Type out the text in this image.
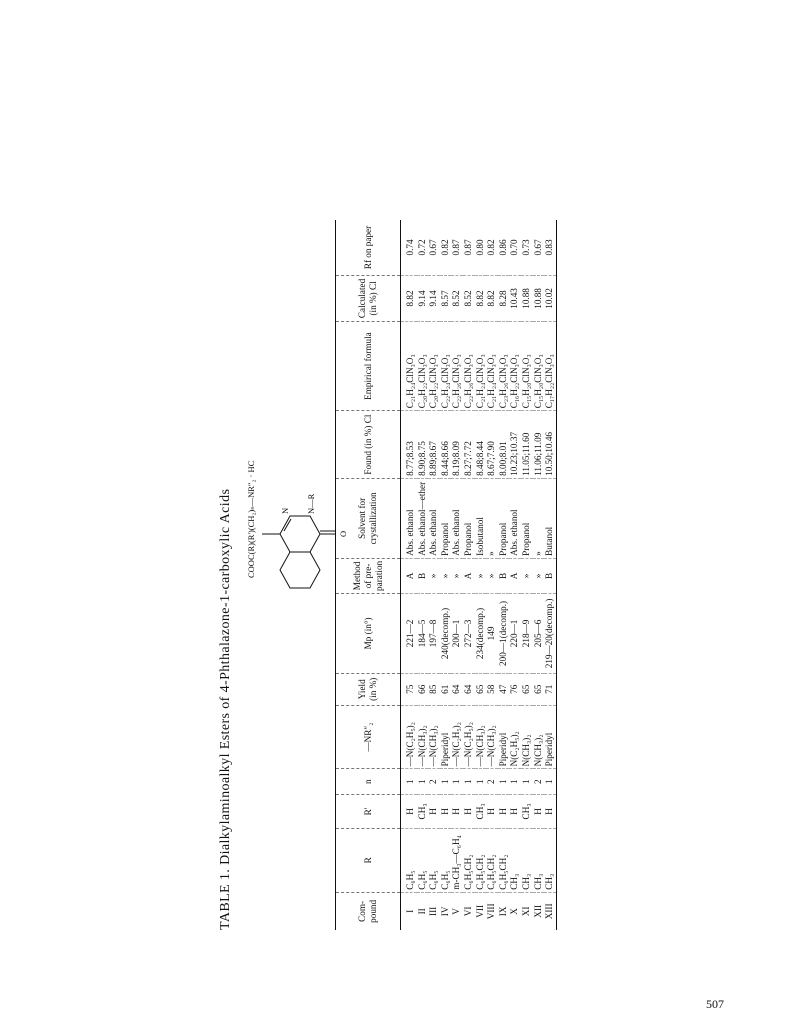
TABLE 1. Dialkylaminoalkyl Esters of 4-Phthalazone-1-carboxylic Acids COOC(R)(R')(CH₂)ₙ—NR″₂ · HCl	N N—R
O
Com-pound	R	R'	n	—NR″₂	Yield (in %)	Mp (in°)	Method of pre-paration	Solvent for crystallization	Found (in %) Cl	Empirical formula	Calculated (in %) Cl	Rf on paper
I	C₆H₅	H	1	—N(C₂H₅)₂	75	221—2	A	Abs. ethanol	8.77;8.53	C₂₁H₂₄ClN₃O₃	8.82	0.74
II	C₆H₅	CH₃	1	—N(CH₃)₂	66	184—5	B	Abs. ethanol—ether	8.90;8.75	C₂₀H₂₂ClN₃O₃	9.14	0.72
III	C₆H₅	H	2	—N(CH₃)₂	85	197—8	»	Abs. ethanol	8.89;8.67	C₂₀H₂₂ClN₃O₃	9.14	0.67
IV	C₆H₅	H	1	Piperidyl	61	240(decomp.)	»	Propanol	8.44;8.66	C₂₂H₂₄ClN₃O₃	8.57	0.82
V	m-CH₃—C₆H₄	H	1	—N(C₂H₅)₂	64	200—1	»	Abs. ethanol	8.19;8.09	C₂₂H₂₆ClN₃O₃	8.52	0.87
VI	C₆H₅CH₂	H	1	—N(C₂H₅)₂	64	272—3	A	Propanol	8.27;7.72	C₂₂H₂₆ClN₃O₃	8.52	0.87
VII	C₆H₅CH₂	CH₃	1	—N(CH₃)₂	65	234(decomp.)	»	Isobutanol	8.48;8.44	C₂₁H₂₄ClN₃O₃	8.82	0.80
VIII	C₆H₅CH₂	H	2	—N(CH₃)₂	58	149	»	»	8.67;7.90	C₂₁H₂₄ClN₃O₃	8.82	0.82
IX	C₆H₅CH₂	H	1	Piperidyl	47	200—1(decomp.)	B	Propanol	8.00;8.01	C₂₃H₂₆ClN₃O₃	8.28	0.86
X	CH₃	H	1	N(C₂H₅)₂	76	220—1	A	Abs. ethanol	10.23;10.37	C₁₆H₂₂ClN₃O₃	10.43	0.70
XI	CH₃	CH₃	1	N(CH₃)₂	65	218—9	»	Propanol	11.05;11.60	C₁₅H₂₀ClN₃O₃	10.88	0.73
XII	CH₃	H	2	N(CH₃)₂	65	205—6	»	»	11.06;11.09	C₁₅H₂₀ClN₃O₃	10.88	0.67
XIII	CH₃	H	1	Piperidyl	71	219—20(decomp.)	B	Butanol	10.50;10.46	C₁₇H₂₂ClN₃O₃	10.02	0.83
507
